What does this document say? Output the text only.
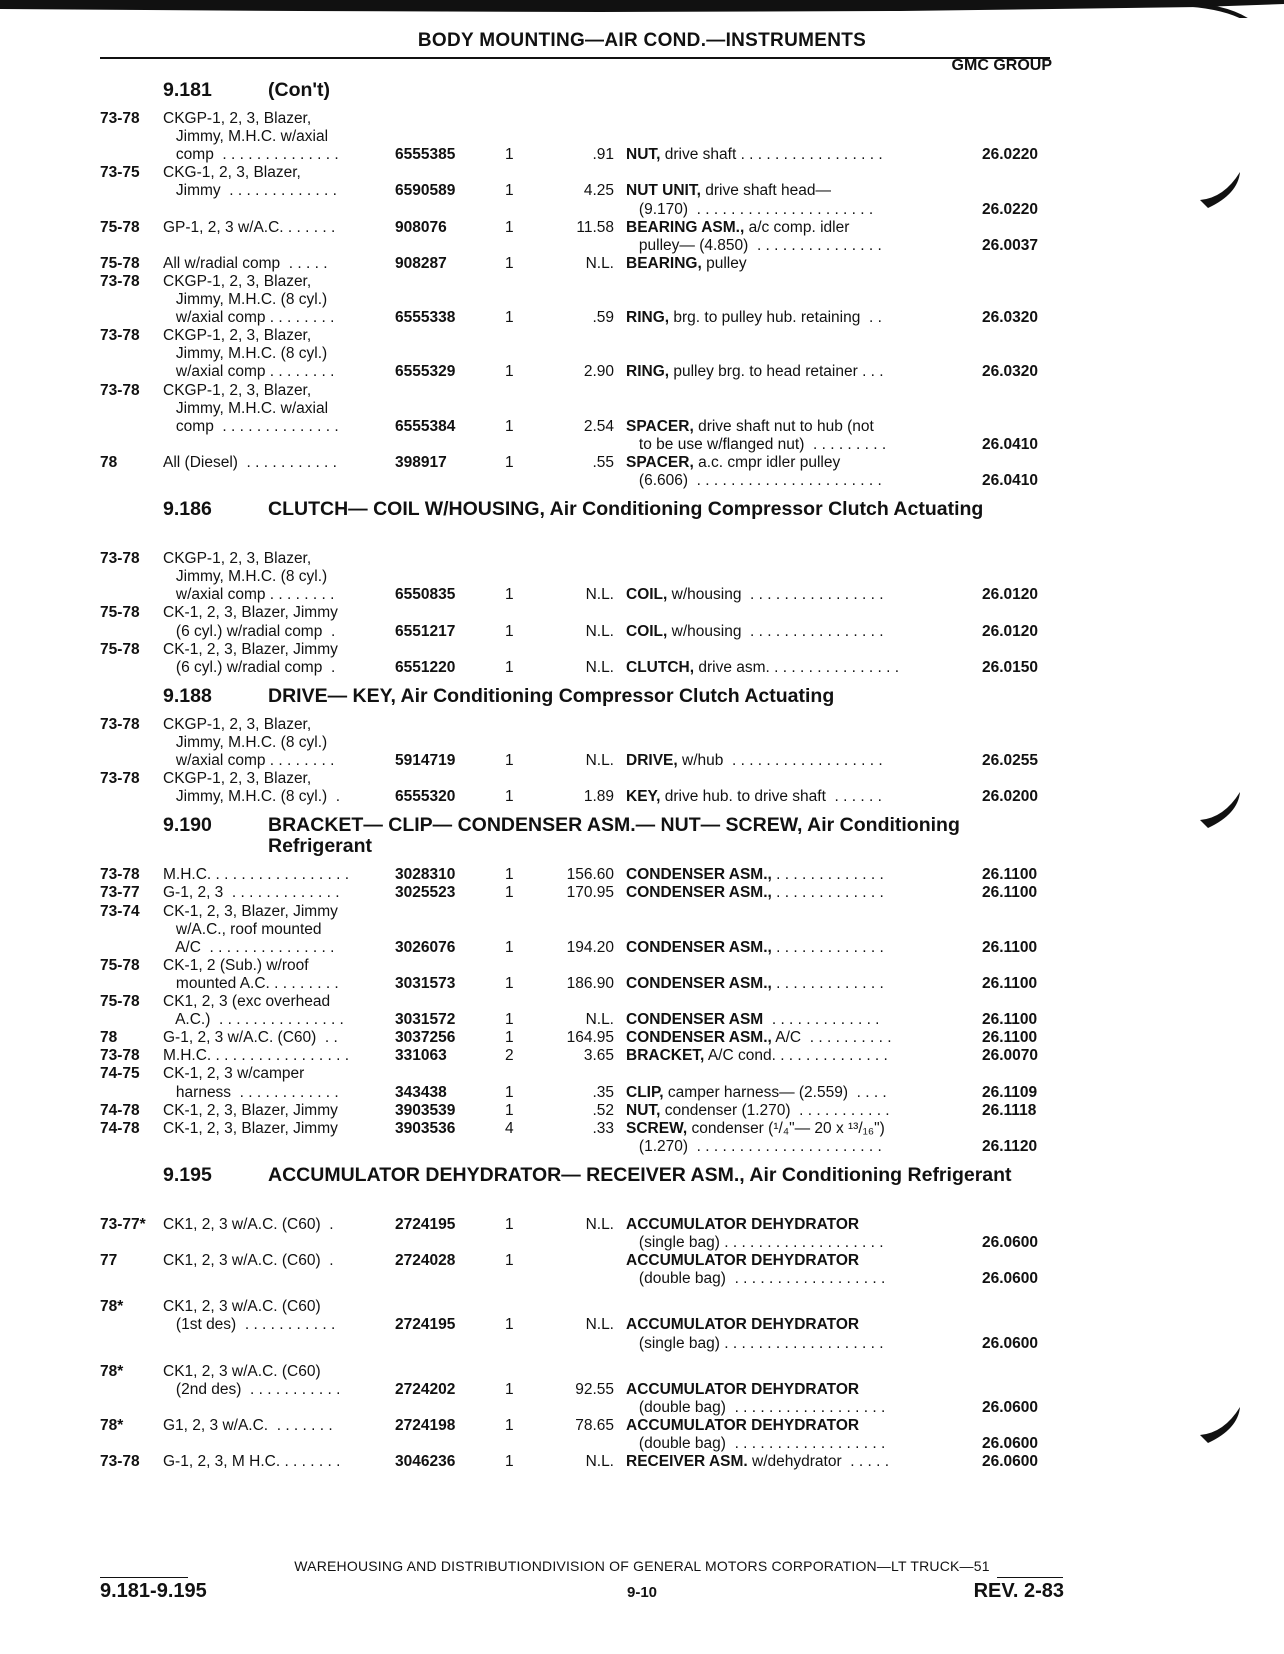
BODY MOUNTING—AIR COND.—INSTRUMENTS
GMC GROUP
9.181	(Con't)
73-78 CKGP-1, 2, 3, Blazer,
Jimmy, M.H.C. w/axial
comp  . . . . . . . . . . . . . .	6555385	1	.91 NUT, drive shaft . . . . . . . . . . . . . . . . .	26.0220
73-75 CKG-1, 2, 3, Blazer,
Jimmy  . . . . . . . . . . . . .	6590589	1	4.25 NUT UNIT, drive shaft head—
(9.170)  . . . . . . . . . . . . . . . . . . . . .	26.0220
75-78 GP-1, 2, 3 w/A.C. . . . . . .	908076	1	11.58 BEARING ASM., a/c comp. idler
pulley— (4.850)  . . . . . . . . . . . . . . .	26.0037
75-78 All w/radial comp  . . . . .	908287	1	N.L. BEARING, pulley
73-78 CKGP-1, 2, 3, Blazer,
Jimmy, M.H.C. (8 cyl.)
w/axial comp . . . . . . . .	6555338	1	.59 RING, brg. to pulley hub. retaining  . .	26.0320
73-78 CKGP-1, 2, 3, Blazer,
Jimmy, M.H.C. (8 cyl.)
w/axial comp . . . . . . . .	6555329	1	2.90 RING, pulley brg. to head retainer . . .	26.0320
73-78 CKGP-1, 2, 3, Blazer,
Jimmy, M.H.C. w/axial
comp  . . . . . . . . . . . . . .	6555384	1	2.54 SPACER, drive shaft nut to hub (not
to be use w/flanged nut)  . . . . . . . . .	26.0410
78	All (Diesel)  . . . . . . . . . . .	398917	1	.55 SPACER, a.c. cmpr idler pulley
(6.606)  . . . . . . . . . . . . . . . . . . . . . .	26.0410
9.186	CLUTCH— COIL W/HOUSING, Air Conditioning Compressor Clutch Actuating
73-78 CKGP-1, 2, 3, Blazer,
Jimmy, M.H.C. (8 cyl.)
w/axial comp . . . . . . . .	6550835	1	N.L. COIL, w/housing  . . . . . . . . . . . . . . . .	26.0120
75-78 CK-1, 2, 3, Blazer, Jimmy
(6 cyl.) w/radial comp  .	6551217	1	N.L. COIL, w/housing  . . . . . . . . . . . . . . . .	26.0120
75-78 CK-1, 2, 3, Blazer, Jimmy
(6 cyl.) w/radial comp  .	6551220	1	N.L. CLUTCH, drive asm. . . . . . . . . . . . . . . .	26.0150
9.188	DRIVE— KEY, Air Conditioning Compressor Clutch Actuating
73-78 CKGP-1, 2, 3, Blazer,
Jimmy, M.H.C. (8 cyl.)
w/axial comp . . . . . . . .	5914719	1	N.L. DRIVE, w/hub  . . . . . . . . . . . . . . . . . .	26.0255
73-78 CKGP-1, 2, 3, Blazer,
Jimmy, M.H.C. (8 cyl.)  .	6555320	1	1.89 KEY, drive hub. to drive shaft  . . . . . .	26.0200
9.190	BRACKET— CLIP— CONDENSER ASM.— NUT— SCREW, Air Conditioning Refrigerant
73-78 M.H.C. . . . . . . . . . . . . . . . .	3028310	1	156.60 CONDENSER ASM., . . . . . . . . . . . . .	26.1100
73-77 G-1, 2, 3  . . . . . . . . . . . . .	3025523	1	170.95 CONDENSER ASM., . . . . . . . . . . . . .	26.1100
73-74 CK-1, 2, 3, Blazer, Jimmy
w/A.C., roof mounted
A/C  . . . . . . . . . . . . . . .	3026076	1	194.20 CONDENSER ASM., . . . . . . . . . . . . .	26.1100
75-78 CK-1, 2 (Sub.) w/roof
mounted A.C. . . . . . . . .	3031573	1	186.90 CONDENSER ASM., . . . . . . . . . . . . .	26.1100
75-78 CK1, 2, 3 (exc overhead
A.C.)  . . . . . . . . . . . . . . .	3031572	1	N.L. CONDENSER ASM  . . . . . . . . . . . . .	26.1100
78	G-1, 2, 3 w/A.C. (C60)  . .	3037256	1	164.95 CONDENSER ASM., A/C  . . . . . . . . . .	26.1100
73-78 M.H.C. . . . . . . . . . . . . . . . .	331063	2	3.65 BRACKET, A/C cond. . . . . . . . . . . . . .	26.0070
74-75 CK-1, 2, 3 w/camper
harness  . . . . . . . . . . . .	343438	1	.35 CLIP, camper harness— (2.559)  . . . .	26.1109
74-78 CK-1, 2, 3, Blazer, Jimmy	3903539	1	.52 NUT, condenser (1.270)  . . . . . . . . . . .	26.1118
74-78 CK-1, 2, 3, Blazer, Jimmy	3903536	4	.33 SCREW, condenser (¹/₄"— 20 x ¹³/₁₆")
(1.270)  . . . . . . . . . . . . . . . . . . . . . .	26.1120
9.195	ACCUMULATOR DEHYDRATOR— RECEIVER ASM., Air Conditioning Refrigerant
73-77* CK1, 2, 3 w/A.C. (C60)  .	2724195	1	N.L. ACCUMULATOR DEHYDRATOR
(single bag) . . . . . . . . . . . . . . . . . . .	26.0600
77	CK1, 2, 3 w/A.C. (C60)  .	2724028	1	ACCUMULATOR DEHYDRATOR
(double bag)  . . . . . . . . . . . . . . . . . .	26.0600
78*	CK1, 2, 3 w/A.C. (C60)
(1st des)  . . . . . . . . . . .	2724195	1	N.L. ACCUMULATOR DEHYDRATOR
(single bag) . . . . . . . . . . . . . . . . . . .	26.0600
78*	CK1, 2, 3 w/A.C. (C60)
(2nd des)  . . . . . . . . . . .	2724202	1	92.55 ACCUMULATOR DEHYDRATOR
(double bag)  . . . . . . . . . . . . . . . . . .	26.0600
78*	G1, 2, 3 w/A.C.  . . . . . . .	2724198	1	78.65 ACCUMULATOR DEHYDRATOR
(double bag)  . . . . . . . . . . . . . . . . . .	26.0600
73-78 G-1, 2, 3, M H.C. . . . . . . .	3046236	1	N.L. RECEIVER ASM. w/dehydrator  . . . . .	26.0600
WAREHOUSING AND DISTRIBUTIONDIVISION OF GENERAL MOTORS CORPORATION—LT TRUCK—51
9.181-9.195	9-10	REV. 2-83
